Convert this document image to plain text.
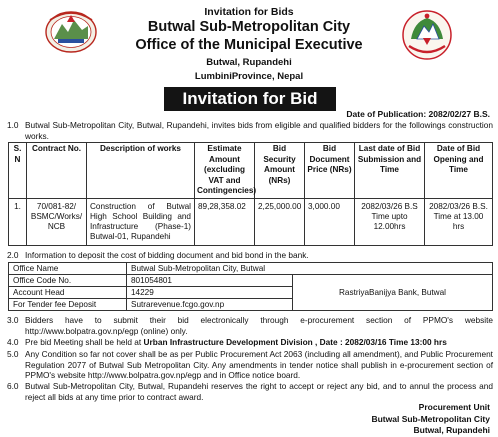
Invitation for Bids
Butwal Sub-Metropolitan City
Office of the Municipal Executive
Butwal, Rupandehi
LumbiniProvince, Nepal
Invitation for Bid
Date of Publication: 2082/02/27 B.S.
1.0 Butwal Sub-Metropolitan City, Butwal, Rupandehi, invites bids from eligible and qualified bidders for the followings construction works.
S. N	Contract No.	Description of works	Estimate Amount (excluding VAT and Contingencies)	Bid Security Amount (NRs)	Bid Document Price (NRs)	Last date of Bid Submission and Time	Date of Bid Opening and Time
1.	70/081-82/ BSMC/Works/ NCB	Construction of Butwal High School Building and Infrastructure (Phase-1) Butwal-01, Rupandehi	89,28,358.02	2,25,000.00	3,000.00	2082/03/26 B.S Time upto 12.00hrs	2082/03/26 B.S. Time at 13.00 hrs
2.0 Information to deposit the cost of bidding document and bid bond in the bank.
Office Name	Butwal Sub-Metropolitan City, Butwal	
Office Code No.	801054801	RastriyaBanijya Bank, Butwal
Account Head	14229	
For Tender fee Deposit	Sutrarevenue.fcgo.gov.np	
3.0 Bidders have to submit their bid electronically through e-procurement section of PPMO's website http://www.bolpatra.gov.np/egp (online) only.
4.0 Pre bid Meeting shall be held at Urban Infrastructure Development Division , Date : 2082/03/16 Time 13:00 hrs
5.0 Any Condition so far not cover shall be as per Public Procurement Act 2063 (including all amendment), and Public Procurement Regulation 2077 of Butwal Sub Metropolitan City. Any amendments in tender notice shall publish in e-procurement section of PPMO's website http://www.bolpatra.gov.np/egp and in Office notice board.
6.0 Butwal Sub-Metropolitan City, Butwal, Rupandehi reserves the right to accept or reject any bid, and to annul the process and reject all bids at any time prior to contract award.
Procurement Unit
Butwal Sub-Metropolitan City
Butwal, Rupandehi
